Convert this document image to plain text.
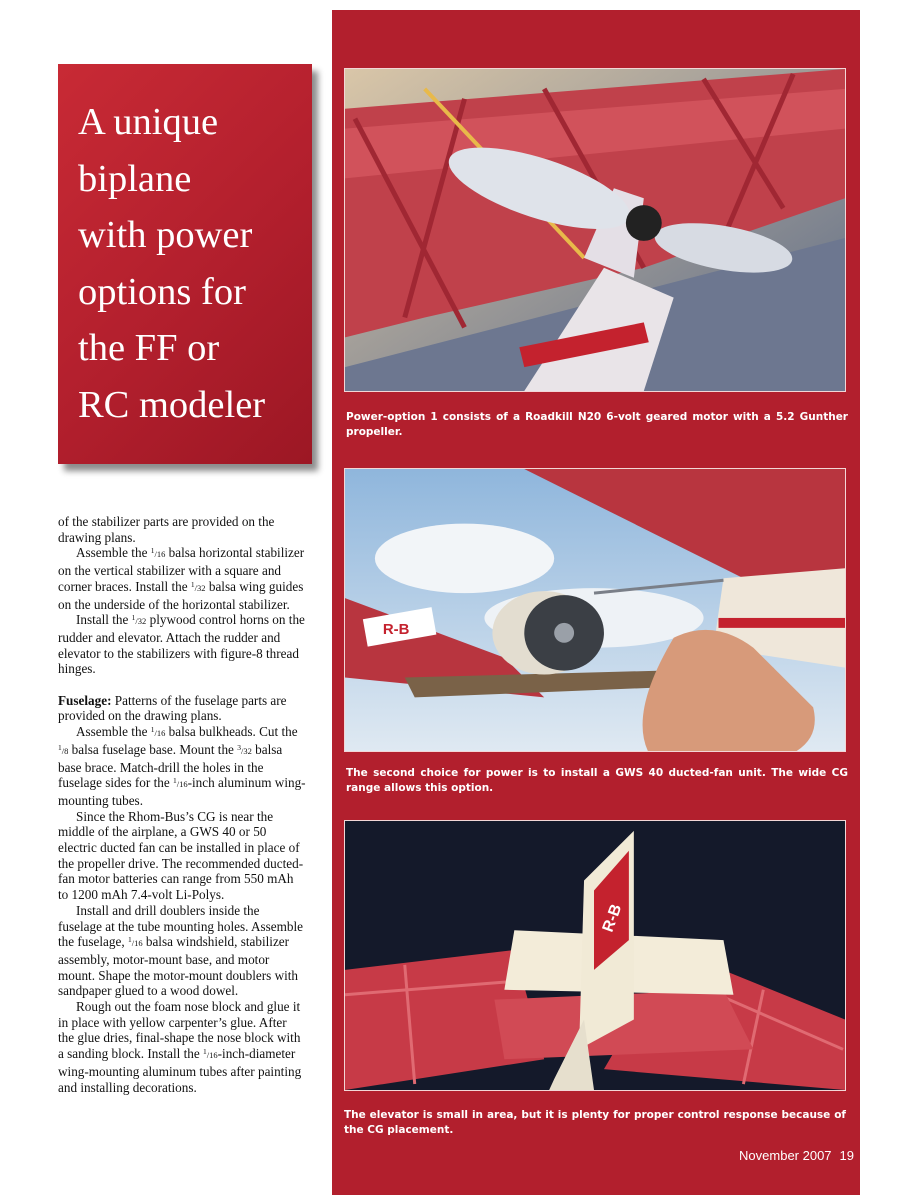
A unique
biplane
with power
options for
the FF or
RC modeler	Power-option 1 consists of a Roadkill N20 6-volt geared motor with a 5.2 Gunther propeller.

R-B

The second choice for power is to install a GWS 40 ducted-fan unit. The wide CG range allows this option.

R-B

The elevator is small in area, but it is plenty for proper control response because of the CG placement.

November 2007 19

of the stabilizer parts are provided on the drawing plans.

Assemble the $^1$/16 balsa horizontal stabilizer on the vertical stabilizer with a square and corner braces. Install the $^1$/32 balsa wing guides on the underside of the horizontal stabilizer.

Install the $^1$/32 plywood control horns on the rudder and elevator. Attach the rudder and elevator to the stabilizers with figure-8 thread hinges.

Fuselage: Patterns of the fuselage parts are provided on the drawing plans.

Assemble the $^1$/16 balsa bulkheads. Cut the $^1$/8 balsa fuselage base. Mount the $^3$/32 balsa base brace. Match-drill the holes in the fuselage sides for the $^1$/16-inch aluminum wing-mounting tubes.

Since the Rhom-Bus’s CG is near the middle of the airplane, a GWS 40 or 50 electric ducted fan can be installed in place of the propeller drive. The recommended ducted-fan motor batteries can range from 550 mAh to 1200 mAh 7.4-volt Li-Polys.

Install and drill doublers inside the fuselage at the tube mounting holes. Assemble the fuselage, $^1$/16 balsa windshield, stabilizer assembly, motor-mount base, and motor mount. Shape the motor-mount doublers with sandpaper glued to a wood dowel.

Rough out the foam nose block and glue it in place with yellow carpenter’s glue. After the glue dries, final-shape the nose block with a sanding block. Install the $^1$/16-inch-diameter wing-mounting aluminum tubes after painting and installing decorations.
